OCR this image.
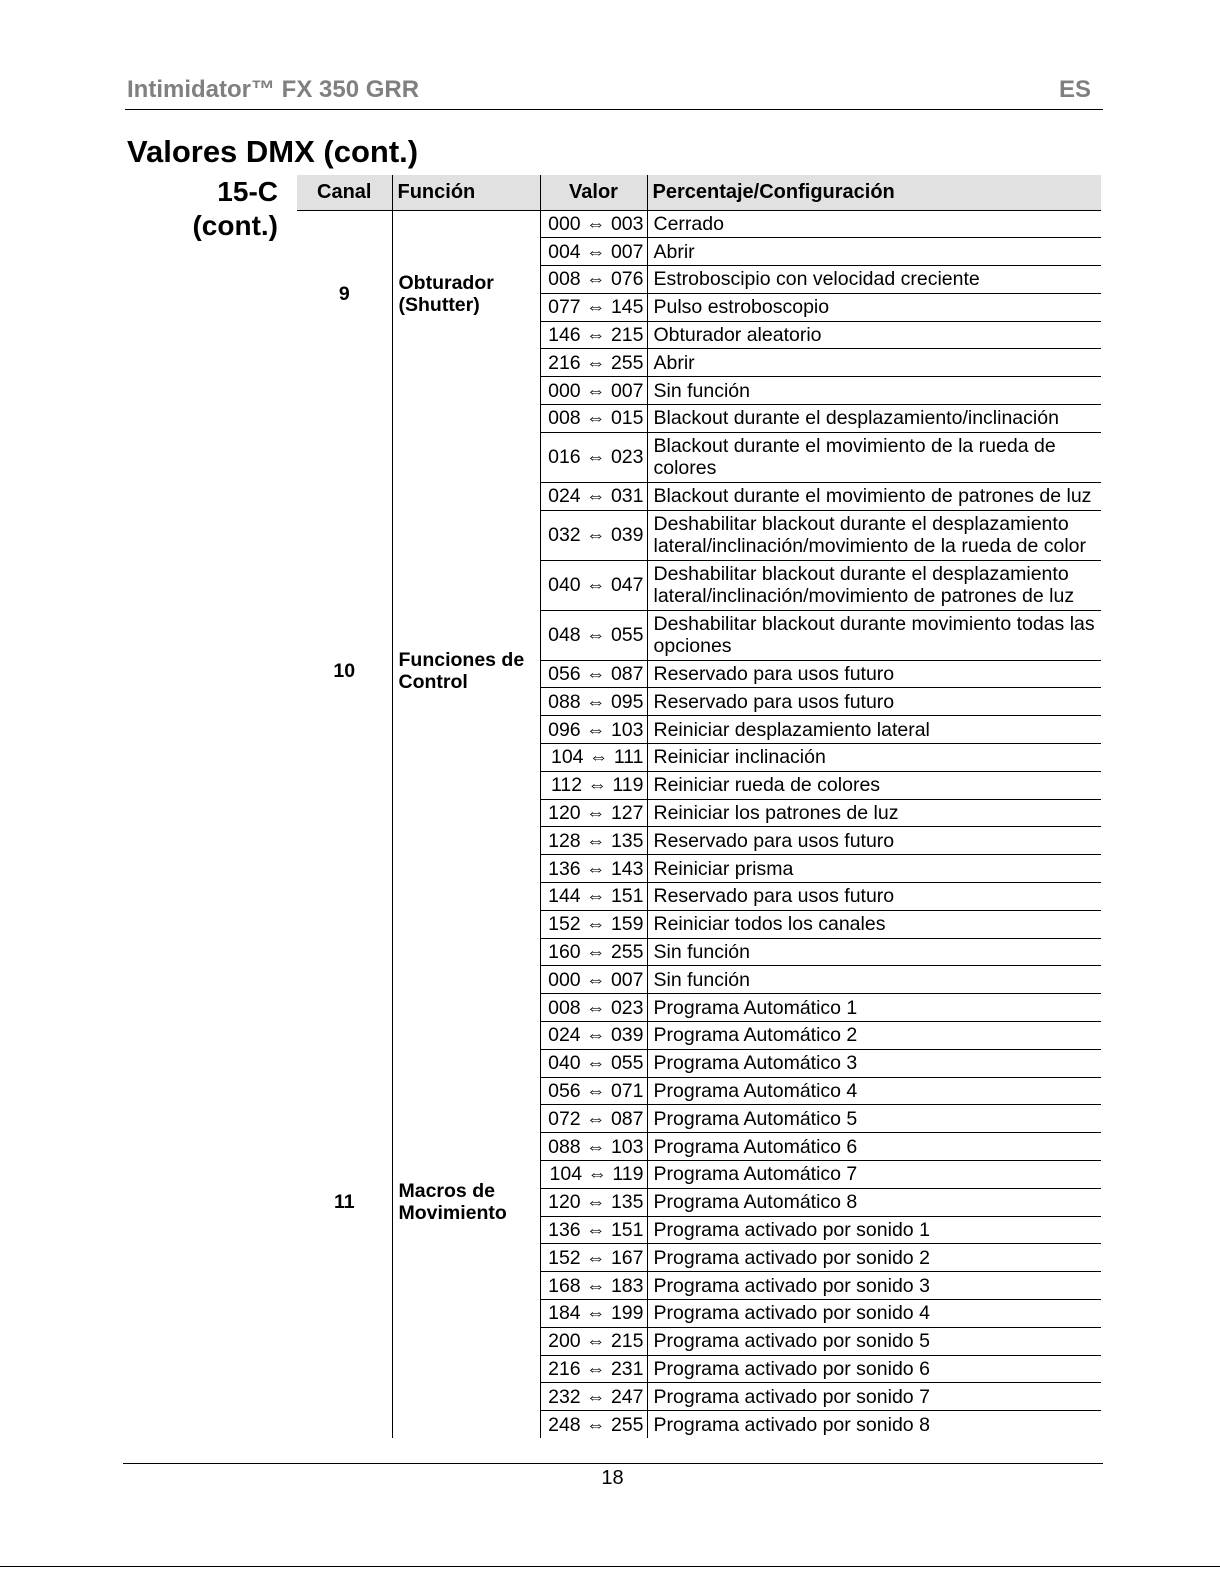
Intimidator™ FX 350 GRR	ES
Valores DMX (cont.)
15-C
(cont.)
Canal	Función	Valor	Percentaje/Configuración
9	Obturador (Shutter)	000 ⇔ 003	Cerrado
		004 ⇔ 007	Abrir
		008 ⇔ 076	Estroboscipio con velocidad creciente
		077 ⇔ 145	Pulso estroboscopio
		146 ⇔ 215	Obturador aleatorio
		216 ⇔ 255	Abrir
10	Funciones de Control	000 ⇔ 007	Sin función
		008 ⇔ 015	Blackout durante el desplazamiento/inclinación
		016 ⇔ 023	Blackout durante el movimiento de la rueda de colores
		024 ⇔ 031	Blackout durante el movimiento de patrones de luz
		032 ⇔ 039	Deshabilitar blackout durante el desplazamiento lateral/inclinación/movimiento de la rueda de color
		040 ⇔ 047	Deshabilitar blackout durante el desplazamiento lateral/inclinación/movimiento de patrones de luz
		048 ⇔ 055	Deshabilitar blackout durante movimiento todas las opciones
		056 ⇔ 087	Reservado para usos futuro
		088 ⇔ 095	Reservado para usos futuro
		096 ⇔ 103	Reiniciar desplazamiento lateral
		104 ⇔ 111	Reiniciar inclinación
		112 ⇔ 119	Reiniciar rueda de colores
		120 ⇔ 127	Reiniciar los patrones de luz
		128 ⇔ 135	Reservado para usos futuro
		136 ⇔ 143	Reiniciar prisma
		144 ⇔ 151	Reservado para usos futuro
		152 ⇔ 159	Reiniciar todos los canales
		160 ⇔ 255	Sin función
11	Macros de Movimiento	000 ⇔ 007	Sin función
		008 ⇔ 023	Programa Automático 1
		024 ⇔ 039	Programa Automático 2
		040 ⇔ 055	Programa Automático 3
		056 ⇔ 071	Programa Automático 4
		072 ⇔ 087	Programa Automático 5
		088 ⇔ 103	Programa Automático 6
		104 ⇔ 119	Programa Automático 7
		120 ⇔ 135	Programa Automático 8
		136 ⇔ 151	Programa activado por sonido 1
		152 ⇔ 167	Programa activado por sonido 2
		168 ⇔ 183	Programa activado por sonido 3
		184 ⇔ 199	Programa activado por sonido 4
		200 ⇔ 215	Programa activado por sonido 5
		216 ⇔ 231	Programa activado por sonido 6
		232 ⇔ 247	Programa activado por sonido 7
		248 ⇔ 255	Programa activado por sonido 8
18
